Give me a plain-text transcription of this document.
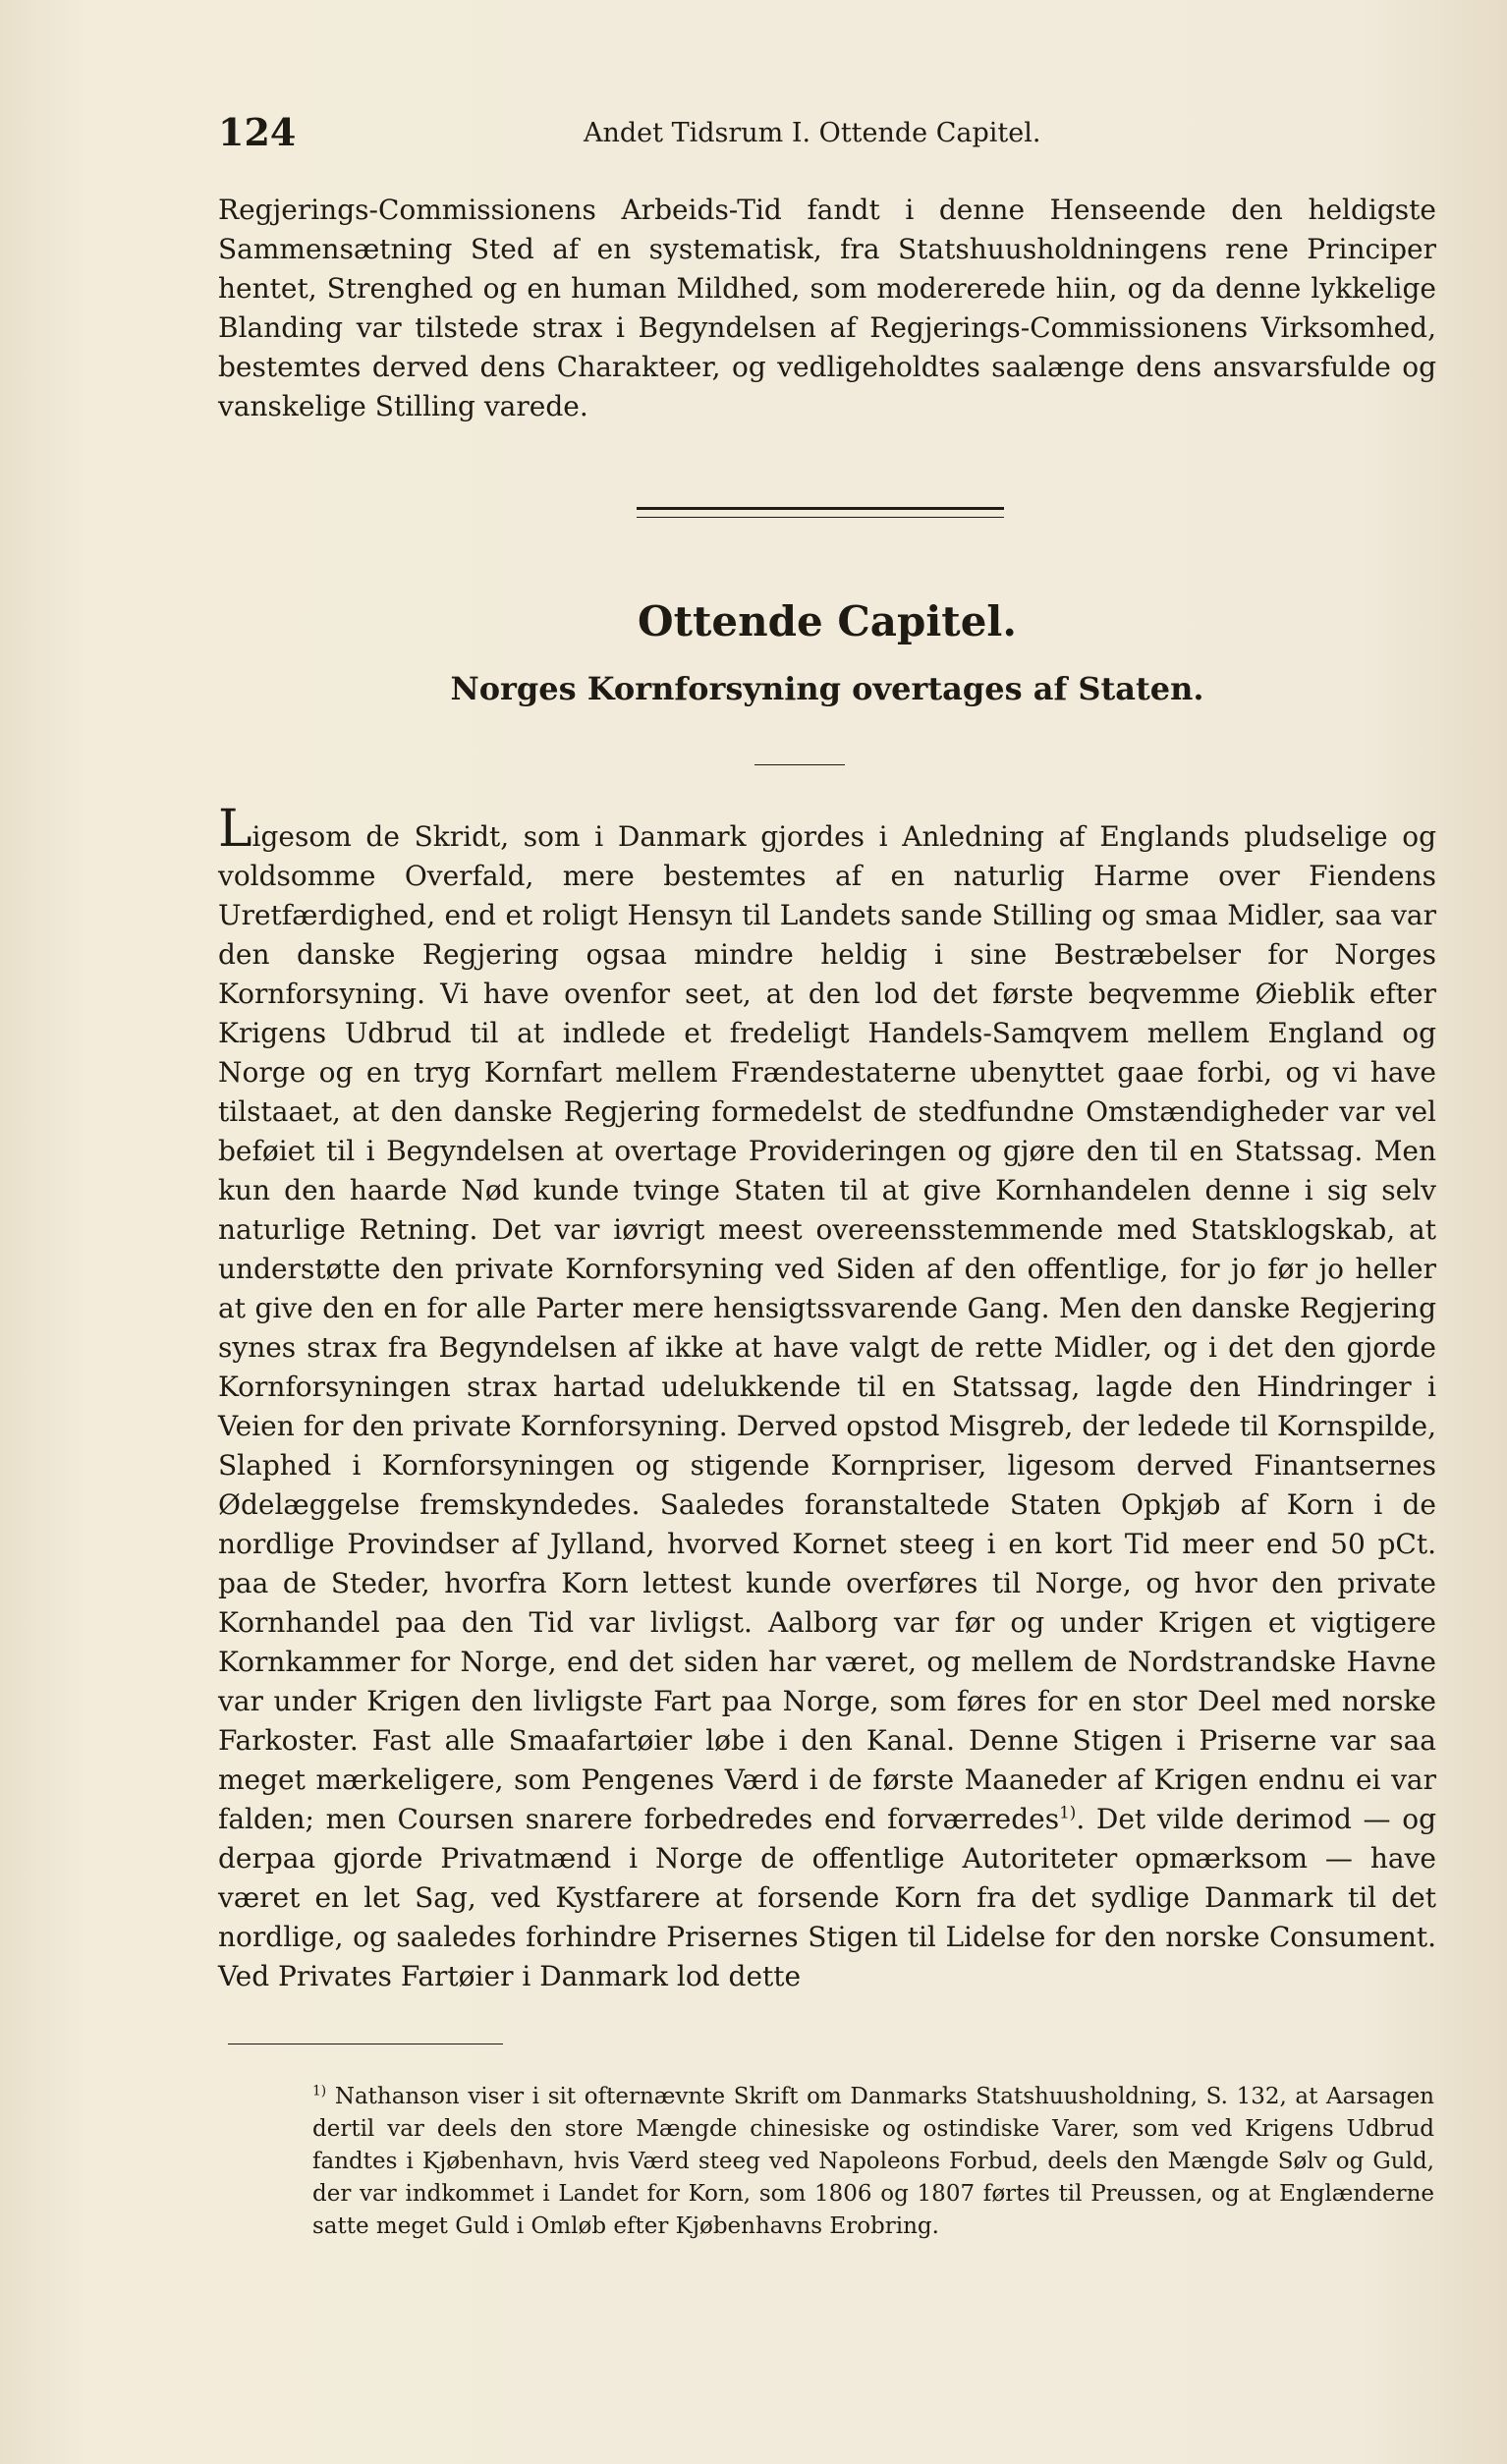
124	Andet Tidsrum I. Ottende Capitel.

Regjerings-Commissionens Arbeids-Tid fandt i denne Henseende den heldigste Sammensætning Sted af en systematisk, fra Statshuusholdningens rene Principer hentet, Strenghed og en human Mildhed, som modererede hiin, og da denne lykkelige Blanding var tilstede strax i Begyndelsen af Regjerings-Commissionens Virksomhed, bestemtes derved dens Charakteer, og vedligeholdtes saalænge dens ansvarsfulde og vanskelige Stilling varede.

Ottende Capitel.
Norges Kornforsyning overtages af Staten.

Ligesom de Skridt, som i Danmark gjordes i Anledning af Englands pludselige og voldsomme Overfald, mere bestemtes af en naturlig Harme over Fiendens Uretfærdighed, end et roligt Hensyn til Landets sande Stilling og smaa Midler, saa var den danske Regjering ogsaa mindre heldig i sine Bestræbelser for Norges Kornforsyning. Vi have ovenfor seet, at den lod det første beqvemme Øieblik efter Krigens Udbrud til at indlede et fredeligt Handels-Samqvem mellem England og Norge og en tryg Kornfart mellem Frændestaterne ubenyttet gaae forbi, og vi have tilstaaet, at den danske Regjering formedelst de stedfundne Omstændigheder var vel beføiet til i Begyndelsen at overtage Provideringen og gjøre den til en Statssag. Men kun den haarde Nød kunde tvinge Staten til at give Kornhandelen denne i sig selv naturlige Retning. Det var iøvrigt meest overeensstemmende med Statsklogskab, at understøtte den private Kornforsyning ved Siden af den offentlige, for jo før jo heller at give den en for alle Parter mere hensigtssvarende Gang. Men den danske Regjering synes strax fra Begyndelsen af ikke at have valgt de rette Midler, og i det den gjorde Kornforsyningen strax hartad udelukkende til en Statssag, lagde den Hindringer i Veien for den private Kornforsyning. Derved opstod Misgreb, der ledede til Kornspilde, Slaphed i Kornforsyningen og stigende Kornpriser, ligesom derved Finantsernes Ødelæggelse fremskyndedes. Saaledes foranstaltede Staten Opkjøb af Korn i de nordlige Provindser af Jylland, hvorved Kornet steeg i en kort Tid meer end 50 pCt. paa de Steder, hvorfra Korn lettest kunde overføres til Norge, og hvor den private Kornhandel paa den Tid var livligst. Aalborg var før og under Krigen et vigtigere Kornkammer for Norge, end det siden har været, og mellem de Nordstrandske Havne var under Krigen den livligste Fart paa Norge, som føres for en stor Deel med norske Farkoster. Fast alle Smaafartøier løbe i den Kanal. Denne Stigen i Priserne var saa meget mærkeligere, som Pengenes Værd i de første Maaneder af Krigen endnu ei var falden; men Coursen snarere forbedredes end forværredes$^{1)}$. Det vilde derimod — og derpaa gjorde Privatmænd i Norge de offentlige Autoriteter opmærksom — have været en let Sag, ved Kystfarere at forsende Korn fra det sydlige Danmark til det nordlige, og saaledes forhindre Prisernes Stigen til Lidelse for den norske Consument. Ved Privates Fartøier i Danmark lod dette

$^{1)}$ Nathanson viser i sit ofternævnte Skrift om Danmarks Statshuusholdning, S. 132, at Aarsagen dertil var deels den store Mængde chinesiske og ostindiske Varer, som ved Krigens Udbrud fandtes i Kjøbenhavn, hvis Værd steeg ved Napoleons Forbud, deels den Mængde Sølv og Guld, der var indkommet i Landet for Korn, som 1806 og 1807 førtes til Preussen, og at Englænderne satte meget Guld i Omløb efter Kjøbenhavns Erobring.
